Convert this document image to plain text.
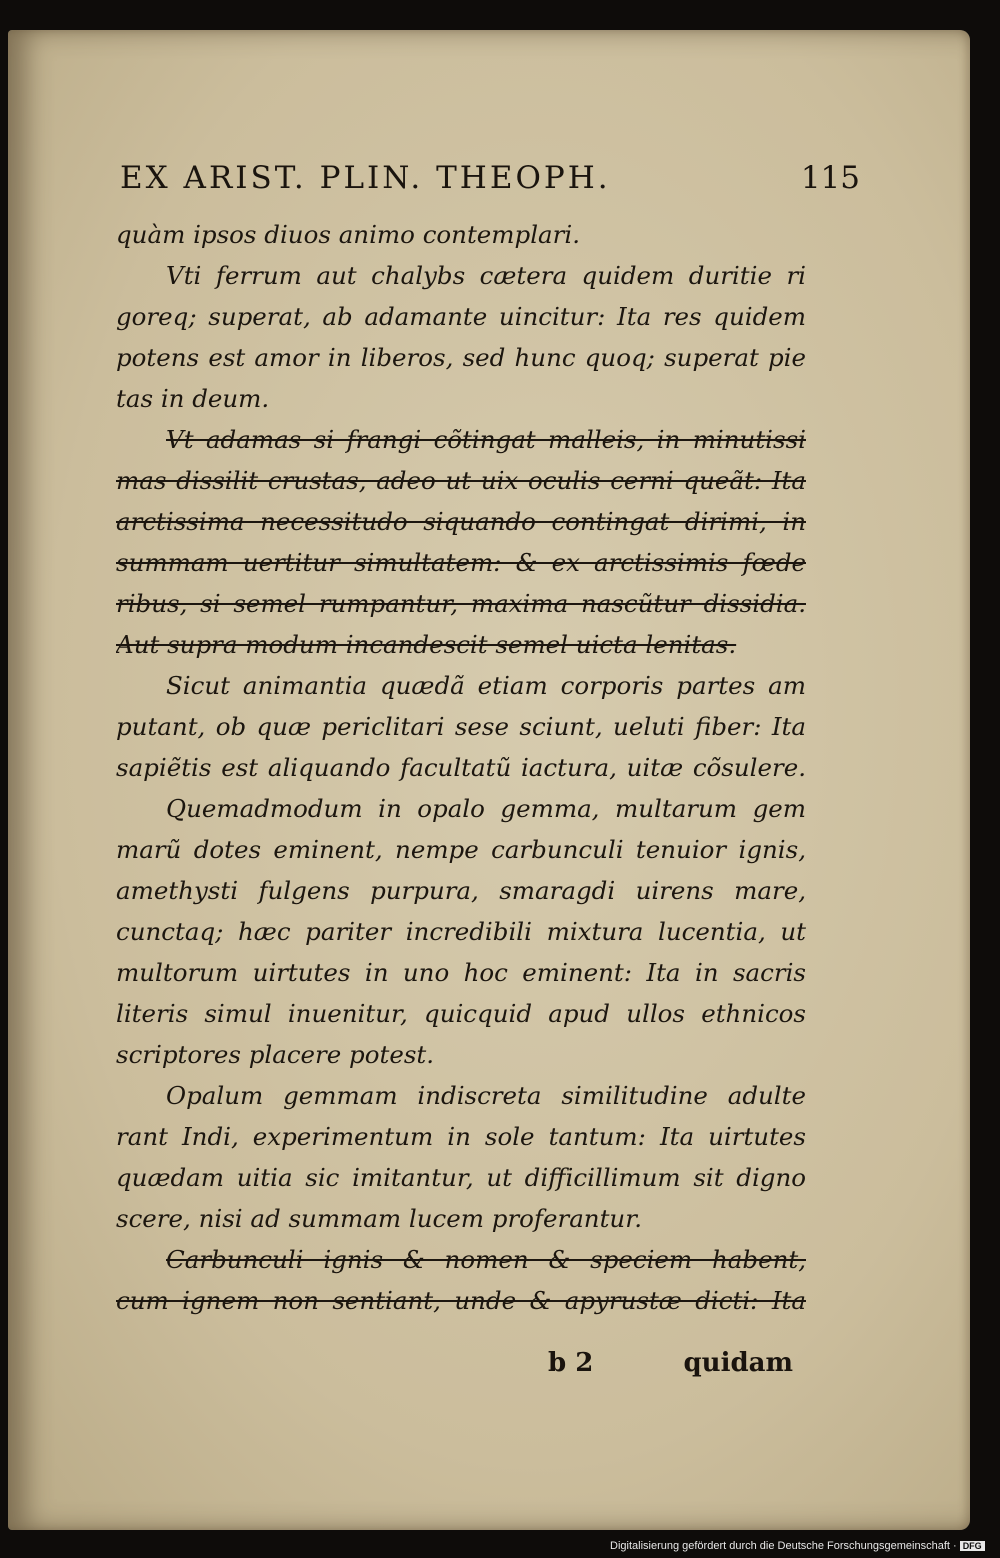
EX ARIST. PLIN. THEOPH.	115
quàm ipsos diuos animo contemplari.
Vti ferrum aut chalybs cætera quidem duritie ri
goreq; superat, ab adamante uincitur: Ita res quidem
potens est amor in liberos, sed hunc quoq; superat pie
tas in deum.
Vt adamas si frangi cõtingat malleis, in minutissi
mas dissilit crustas, adeo ut uix oculis cerni queãt: Ita
arctissima necessitudo siquando contingat dirimi, in
summam uertitur simultatem: & ex arctissimis fœde
ribus, si semel rumpantur, maxima nascũtur dissidia.
Aut supra modum incandescit semel uicta lenitas.
Sicut animantia quædã etiam corporis partes am
putant, ob quæ periclitari sese sciunt, ueluti fiber: Ita
sapiẽtis est aliquando facultatũ iactura, uitæ cõsulere.
Quemadmodum in opalo gemma, multarum gem
marũ dotes eminent, nempe carbunculi tenuior ignis,
amethysti fulgens purpura, smaragdi uirens mare,
cunctaq; hæc pariter incredibili mixtura lucentia, ut
multorum uirtutes in uno hoc eminent: Ita in sacris
literis simul inuenitur, quicquid apud ullos ethnicos
scriptores placere potest.
Opalum gemmam indiscreta similitudine adulte
rant Indi, experimentum in sole tantum: Ita uirtutes
quædam uitia sic imitantur, ut difficillimum sit digno
scere, nisi ad summam lucem proferantur.
Carbunculi ignis & nomen & speciem habent,
cum ignem non sentiant, unde & apyrustæ dicti: Ita
b 2	quidam
Digitalisierung gefördert durch die Deutsche Forschungsgemeinschaft · DFG
